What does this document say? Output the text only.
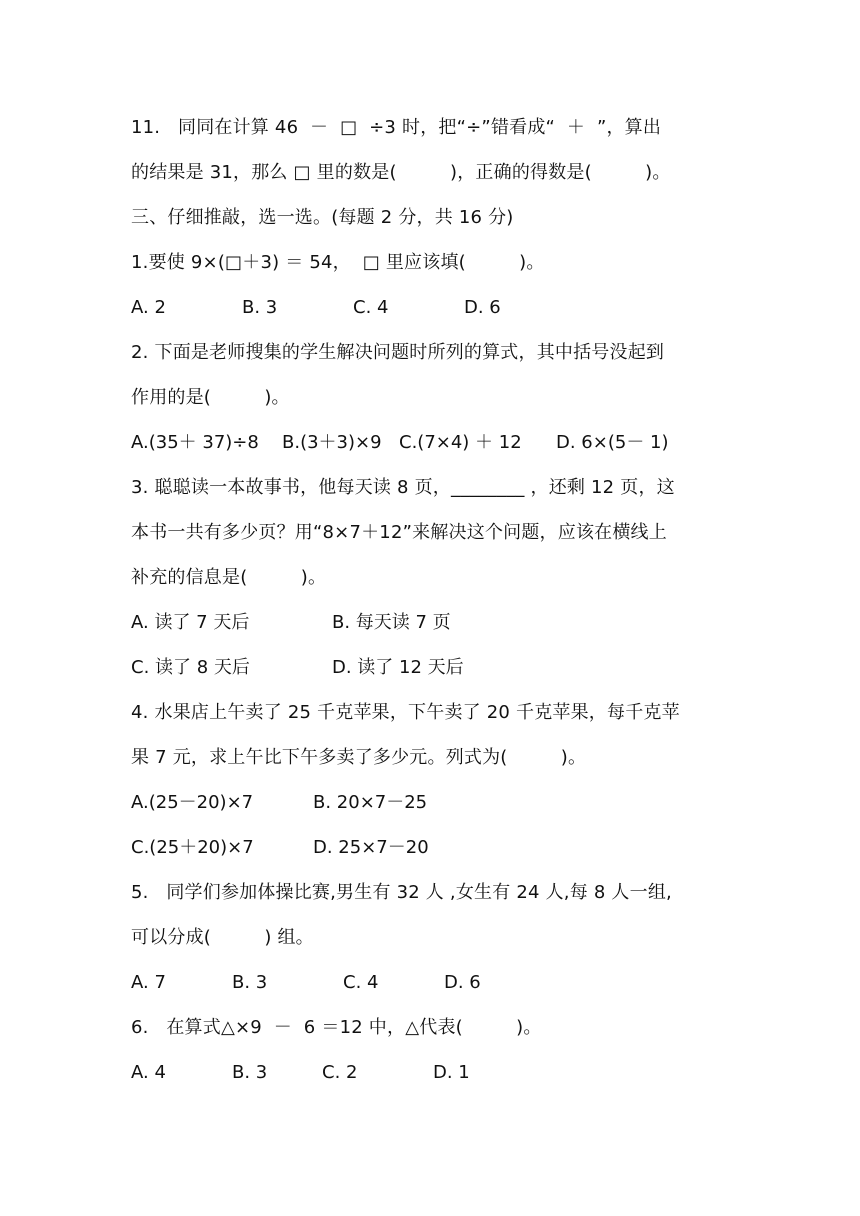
11.   同同在计算 46  －  □  ÷3 时，把“÷”错看成“  ＋  ”，算出
的结果是 31，那么 □ 里的数是(         )，正确的得数是(         )。
三、仔细推敲，选一选。(每题 2 分，共 16 分)
1.要使 9×(□＋3) ＝ 54，  □ 里应该填(         )。
A. 2	B. 3	C. 4	D. 6
2. 下面是老师搜集的学生解决问题时所列的算式，其中括号没起到
作用的是(         )。
A.(35＋ 37)÷8 B.(3＋3)×9 C.(7×4) ＋ 12 D. 6×(5－ 1)
3. 聪聪读一本故事书，他每天读 8 页，________ ，还剩 12 页，这
本书一共有多少页？用“8×7＋12”来解决这个问题，应该在横线上
补充的信息是(         )。
A. 读了 7 天后	B. 每天读 7 页
C. 读了 8 天后	D. 读了 12 天后
4. 水果店上午卖了 25 千克苹果，下午卖了 20 千克苹果，每千克苹
果 7 元，求上午比下午多卖了多少元。列式为(         )。
A.(25－20)×7	B. 20×7－25
C.(25＋20)×7	D. 25×7－20
5.   同学们参加体操比赛,男生有 32 人 ,女生有 24 人,每 8 人一组,
可以分成(         ) 组。
A. 7	B. 3	C. 4	D. 6
6.   在算式△×9  －  6 ＝12 中，△代表(         )。
A. 4	B. 3	C. 2	D. 1
